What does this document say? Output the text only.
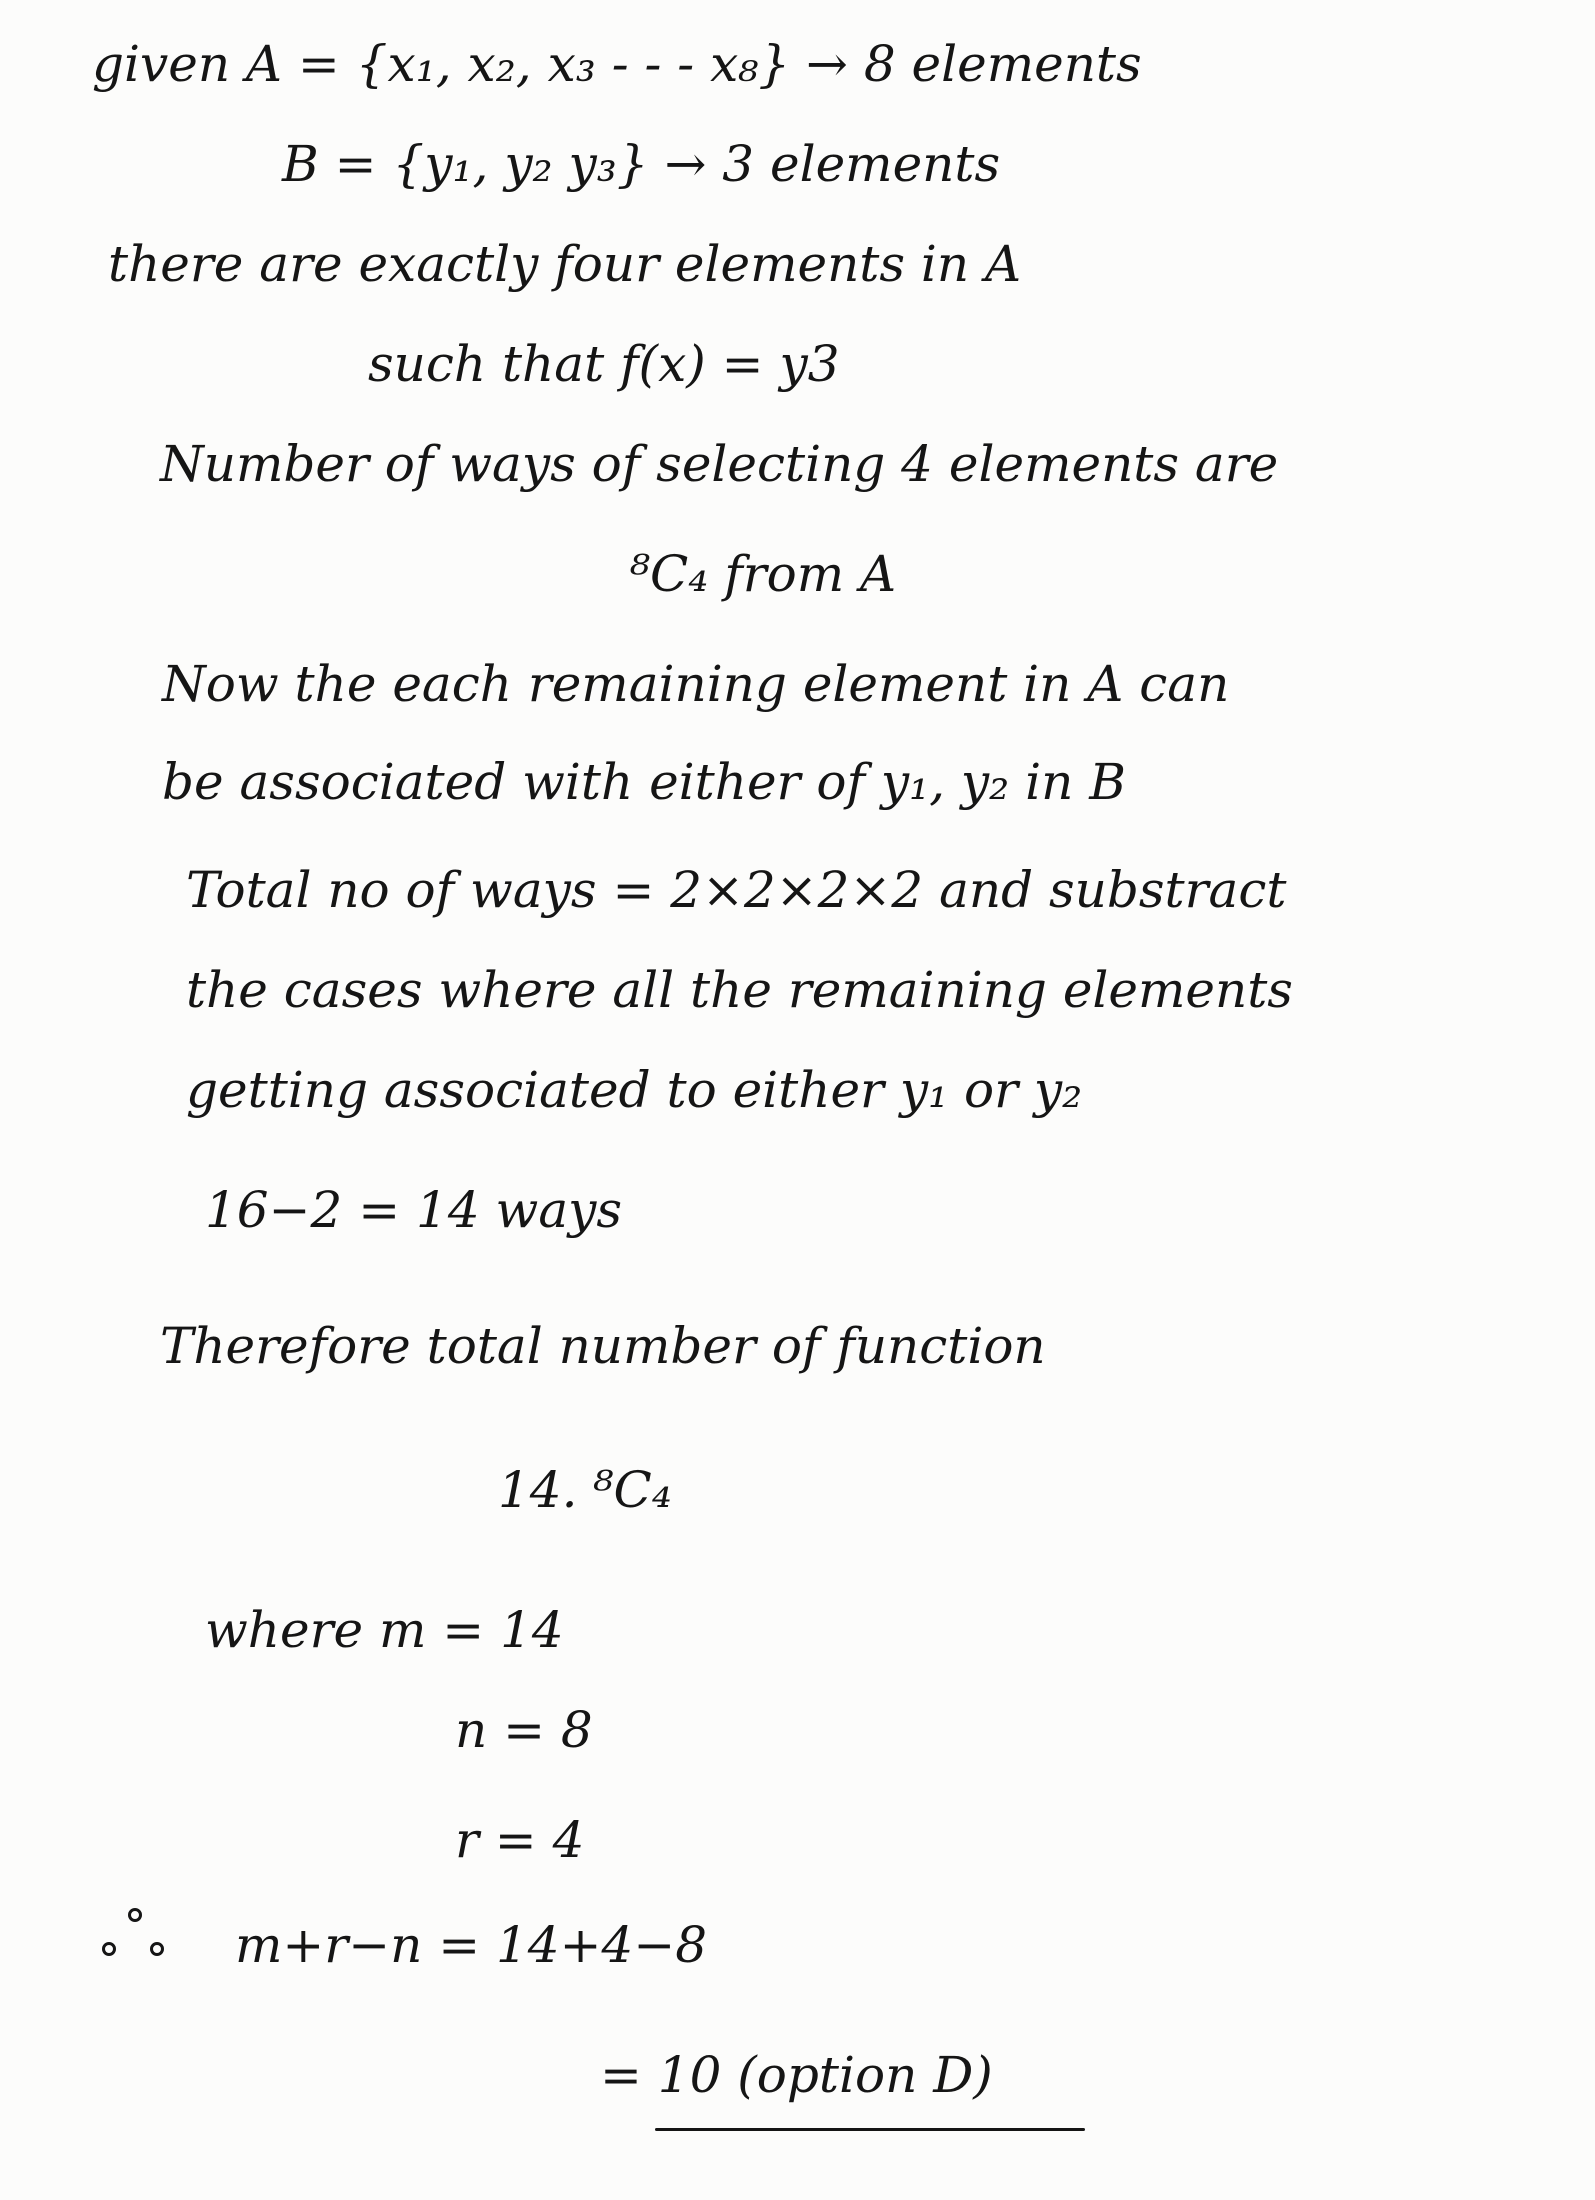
given A = {x₁, x₂, x₃ - - - x₈} → 8 elements
B = {y₁, y₂ y₃} → 3 elements
there are exactly four elements in A
such that f(x) = y3
Number of ways of selecting 4 elements are
⁸C₄ from A
Now the each remaining element in A can
be associated with either of y₁, y₂ in B
Total no of ways = 2×2×2×2 and substract
the cases where all the remaining elements
getting associated to either y₁ or y₂
16−2 = 14 ways
Therefore total number of function
14. ⁸C₄
where m = 14
n = 8
r = 4
m+r−n = 14+4−8
= 10 (option D)
